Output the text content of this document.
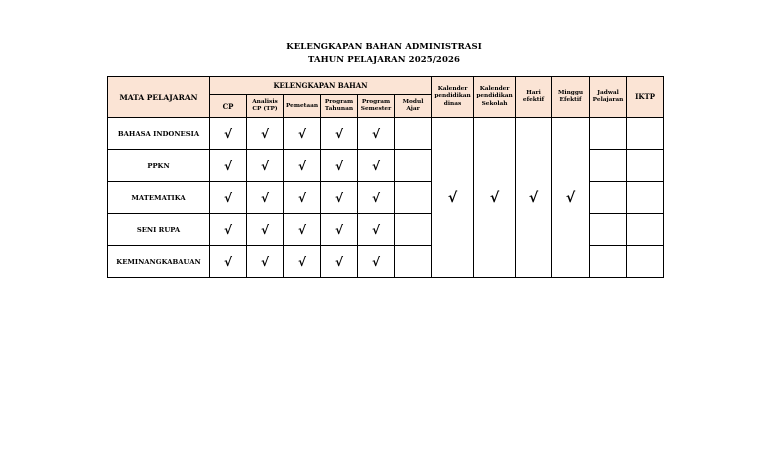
KELENGKAPAN BAHAN ADMINISTRASI
TAHUN PELAJARAN 2025/2026
MATA PELAJARAN	KELENGKAPAN BAHAN						Kalender pendidikan dinas	Kalender pendidikan Sekolah	Hari efektif	Minggu Efektif	Jadwal Pelajaran	IKTP
	CP	Analisis CP (TP)	Pemetaan	Program Tahunan	Program Semester	Modul Ajar						
BAHASA INDONESIA	√	√	√	√	√		√	√	√	√		
PPKN	√	√	√	√	√							
MATEMATIKA	√	√	√	√	√							
SENI RUPA	√	√	√	√	√							
KEMINANGKABAUAN	√	√	√	√	√							
